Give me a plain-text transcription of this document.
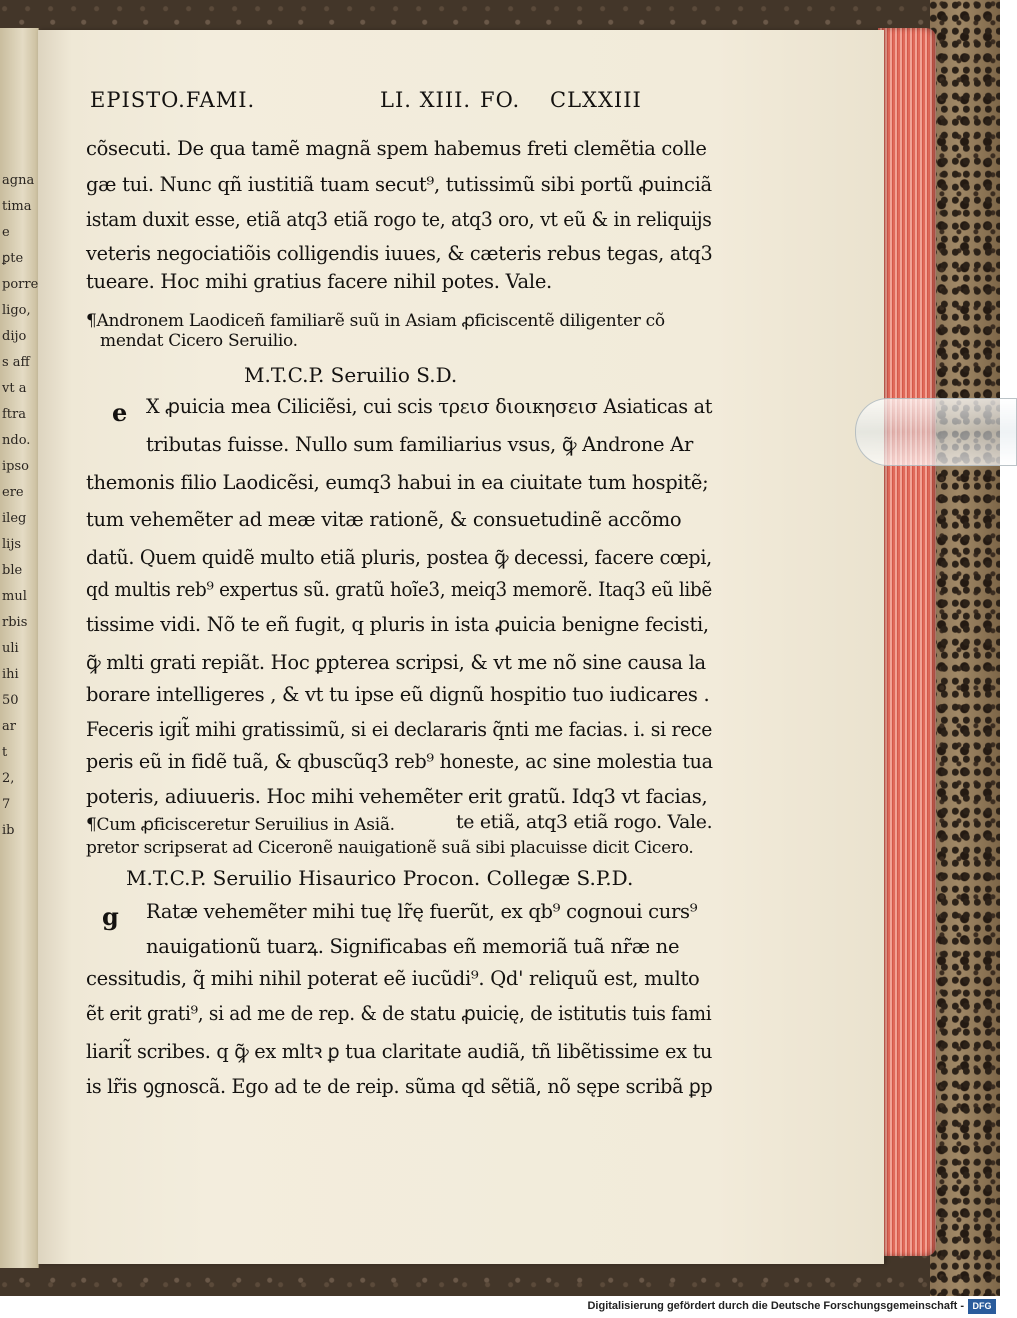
agna
tima
e ꝑte
porre
ligo,
dijo
s aff
vt a
ftra
ndo.
ipso
ere
ileg
lijs
ble
mul
rbis
uli
ihi
50
ar
t
2,
7
ib
EPISTO.FAMI.	LI. XIII. FO. CLXXIII
cõsecuti. De qua tamẽ magnã spem habemus freti clemẽtia colle
gæ tui. Nunc qñ iustitiã tuam secut⁹, tutissimũ sibi portũ ꝓuinciã
istam duxit esse, etiã atq3 etiã rogo te, atq3 oro, vt eũ & in reliquijs
veteris negociatiõis colligendis iuues, & cæteris rebus tegas, atq3
tueare. Hoc mihi gratius facere nihil potes. Vale.
¶Andronem Laodiceñ familiarẽ suũ in Asiam ꝓficiscentẽ diligenter cõ
mendat Cicero Seruilio.
M.T.C.P. Seruilio S.D.
e X ꝓuicia mea Ciliciẽsi, cui scis τρεισ διοικησεισ Asiaticas at
tributas fuisse. Nullo sum familiarius vsus, ꝙ̃ Androne Ar
themonis filio Laodicẽsi, eumq3 habui in ea ciuitate tum hospitẽ;
tum vehemẽter ad meæ vitæ rationẽ, & consuetudinẽ accõmo
datũ. Quem quidẽ multo etiã pluris, postea ꝙ̃ decessi, facere cœpi,
qd multis reb⁹ expertus sũ. gratũ hoĩe3, meiq3 memorẽ. Itaq3 eũ libẽ
tissime vidi. Nõ te eñ fugit, q pluris in ista ꝓuicia benigne fecisti,
ꝙ̃ mlti grati repiãt. Hoc ꝑpterea scripsi, & vt me nõ sine causa la
borare intelligeres , & vt tu ipse eũ dignũ hospitio tuo iudicares .
Feceris igit̃ mihi gratissimũ, si ei declararis q̃nti me facias. i. si rece
peris eũ in fidẽ tuã, & qbuscũq3 reb⁹ honeste, ac sine molestia tua
poteris, adiuueris. Hoc mihi vehemẽter erit gratũ. Idq3 vt facias,
¶Cum ꝓficisceretur Seruilius in Asiã.	te etiã, atq3 etiã rogo. Vale.
pretor scripserat ad Ciceronẽ nauigationẽ suã sibi placuisse dicit Cicero.
M.T.C.P. Seruilio Hisaurico Procon. Collegæ S.P.D.
g Ratæ vehemẽter mihi tuę lr̃ę fuerũt, ex qb⁹ cognoui curs⁹
nauigationũ tuarꝝ. Significabas eñ memoriã tuã nr̃æ ne
cessitudis, q̃ mihi nihil poterat eẽ iucũdi⁹. Qd' reliquũ est, multo
ẽt erit grati⁹, si ad me de rep. & de statu ꝓuicię, de istitutis tuis fami
liarit̃ scribes. q ꝙ̃ ex mltꝛ ꝑ tua claritate audiã, tñ libẽtissime ex tu
is lr̃is ꝯgnoscã. Ego ad te de reip. sũma qd sẽtiã, nõ sępe scribã ꝑp
Digitalisierung gefördert durch die Deutsche Forschungsgemeinschaft - DFG
